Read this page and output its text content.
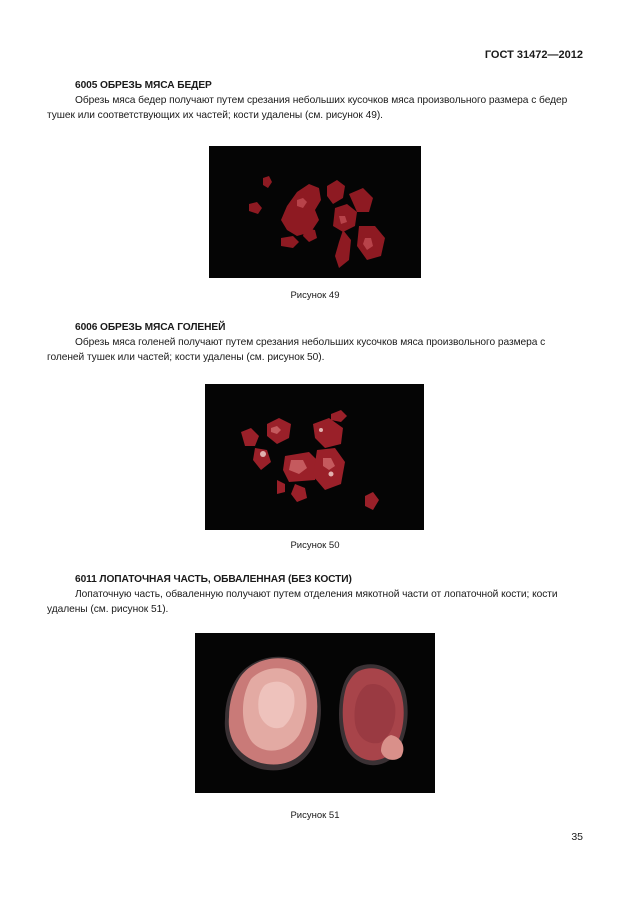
ГОСТ 31472—2012
6005 ОБРЕЗЬ МЯСА БЕДЕР

Обрезь мяса бедер получают путем срезания небольших кусочков мяса произвольного размера с бедер тушек или соответствующих их частей; кости удалены (см. рисунок 49).

Рисунок 49
6006 ОБРЕЗЬ МЯСА ГОЛЕНЕЙ

Обрезь мяса голеней получают путем срезания небольших кусочков мяса произвольного размера с голеней тушек или частей; кости удалены (см. рисунок 50).

Рисунок 50
6011 ЛОПАТОЧНАЯ ЧАСТЬ, ОБВАЛЕННАЯ (БЕЗ КОСТИ)

Лопаточную часть, обваленную получают путем отделения мякотной части от лопаточной кости; кости удалены (см. рисунок 51).

Рисунок 51
35
